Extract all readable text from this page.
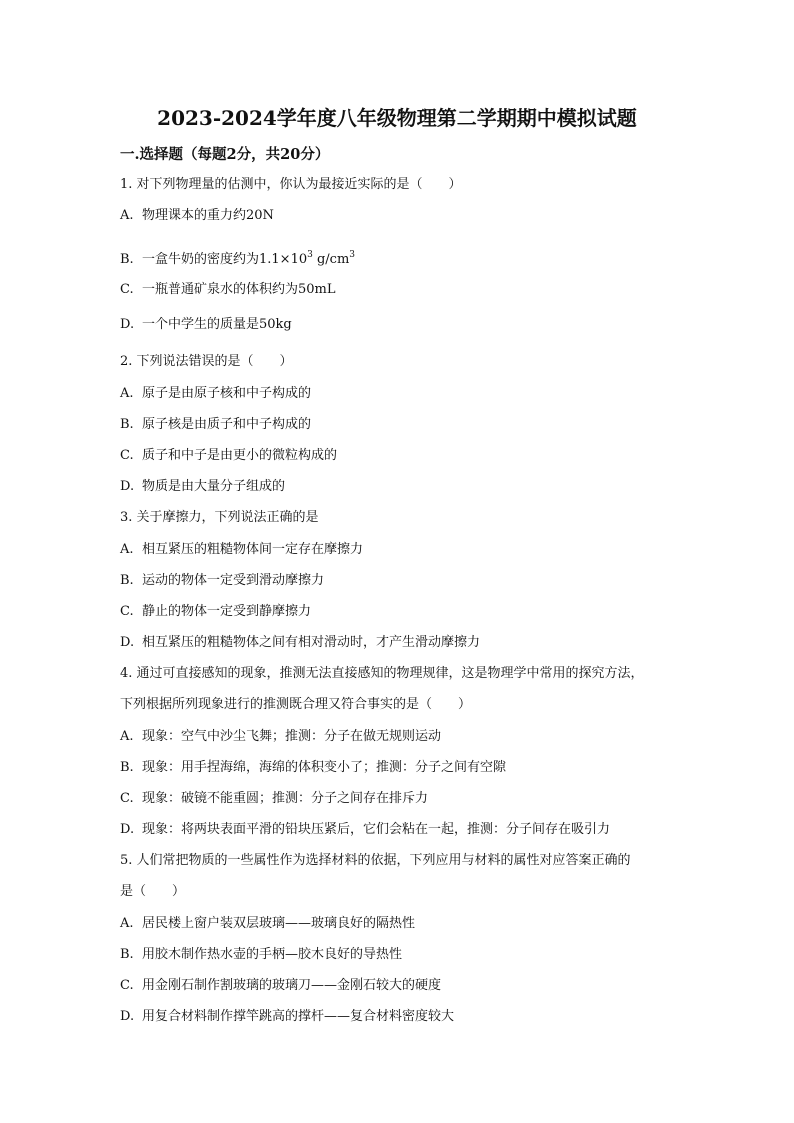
2023-2024学年度八年级物理第二学期期中模拟试题
一.选择题（每题2分，共20分）
1. 对下列物理量的估测中，你认为最接近实际的是（　　）
A. 物理课本的重力约20N
B. 一盒牛奶的密度约为$1.1\times 10^3$ $g/cm^3$
C. 一瓶普通矿泉水的体积约为50mL
D. 一个中学生的质量是50kg
2. 下列说法错误的是（　　）
A. 原子是由原子核和中子构成的
B. 原子核是由质子和中子构成的
C. 质子和中子是由更小的微粒构成的
D. 物质是由大量分子组成的
3. 关于摩擦力，下列说法正确的是
A. 相互紧压的粗糙物体间一定存在摩擦力
B. 运动的物体一定受到滑动摩擦力
C. 静止的物体一定受到静摩擦力
D. 相互紧压的粗糙物体之间有相对滑动时，才产生滑动摩擦力
4. 通过可直接感知的现象，推测无法直接感知的物理规律，这是物理学中常用的探究方法，
下列根据所列现象进行的推测既合理又符合事实的是（　　）
A. 现象：空气中沙尘飞舞；推测：分子在做无规则运动
B. 现象：用手捏海绵，海绵的体积变小了；推测：分子之间有空隙
C. 现象：破镜不能重圆；推测：分子之间存在排斥力
D. 现象：将两块表面平滑的铅块压紧后，它们会粘在一起，推测：分子间存在吸引力
5. 人们常把物质的一些属性作为选择材料的依据，下列应用与材料的属性对应答案正确的
是（　　）
A. 居民楼上窗户装双层玻璃——玻璃良好的隔热性
B. 用胶木制作热水壶的手柄—胶木良好的导热性
C. 用金刚石制作割玻璃的玻璃刀——金刚石较大的硬度
D. 用复合材料制作撑竿跳高的撑杆——复合材料密度较大
